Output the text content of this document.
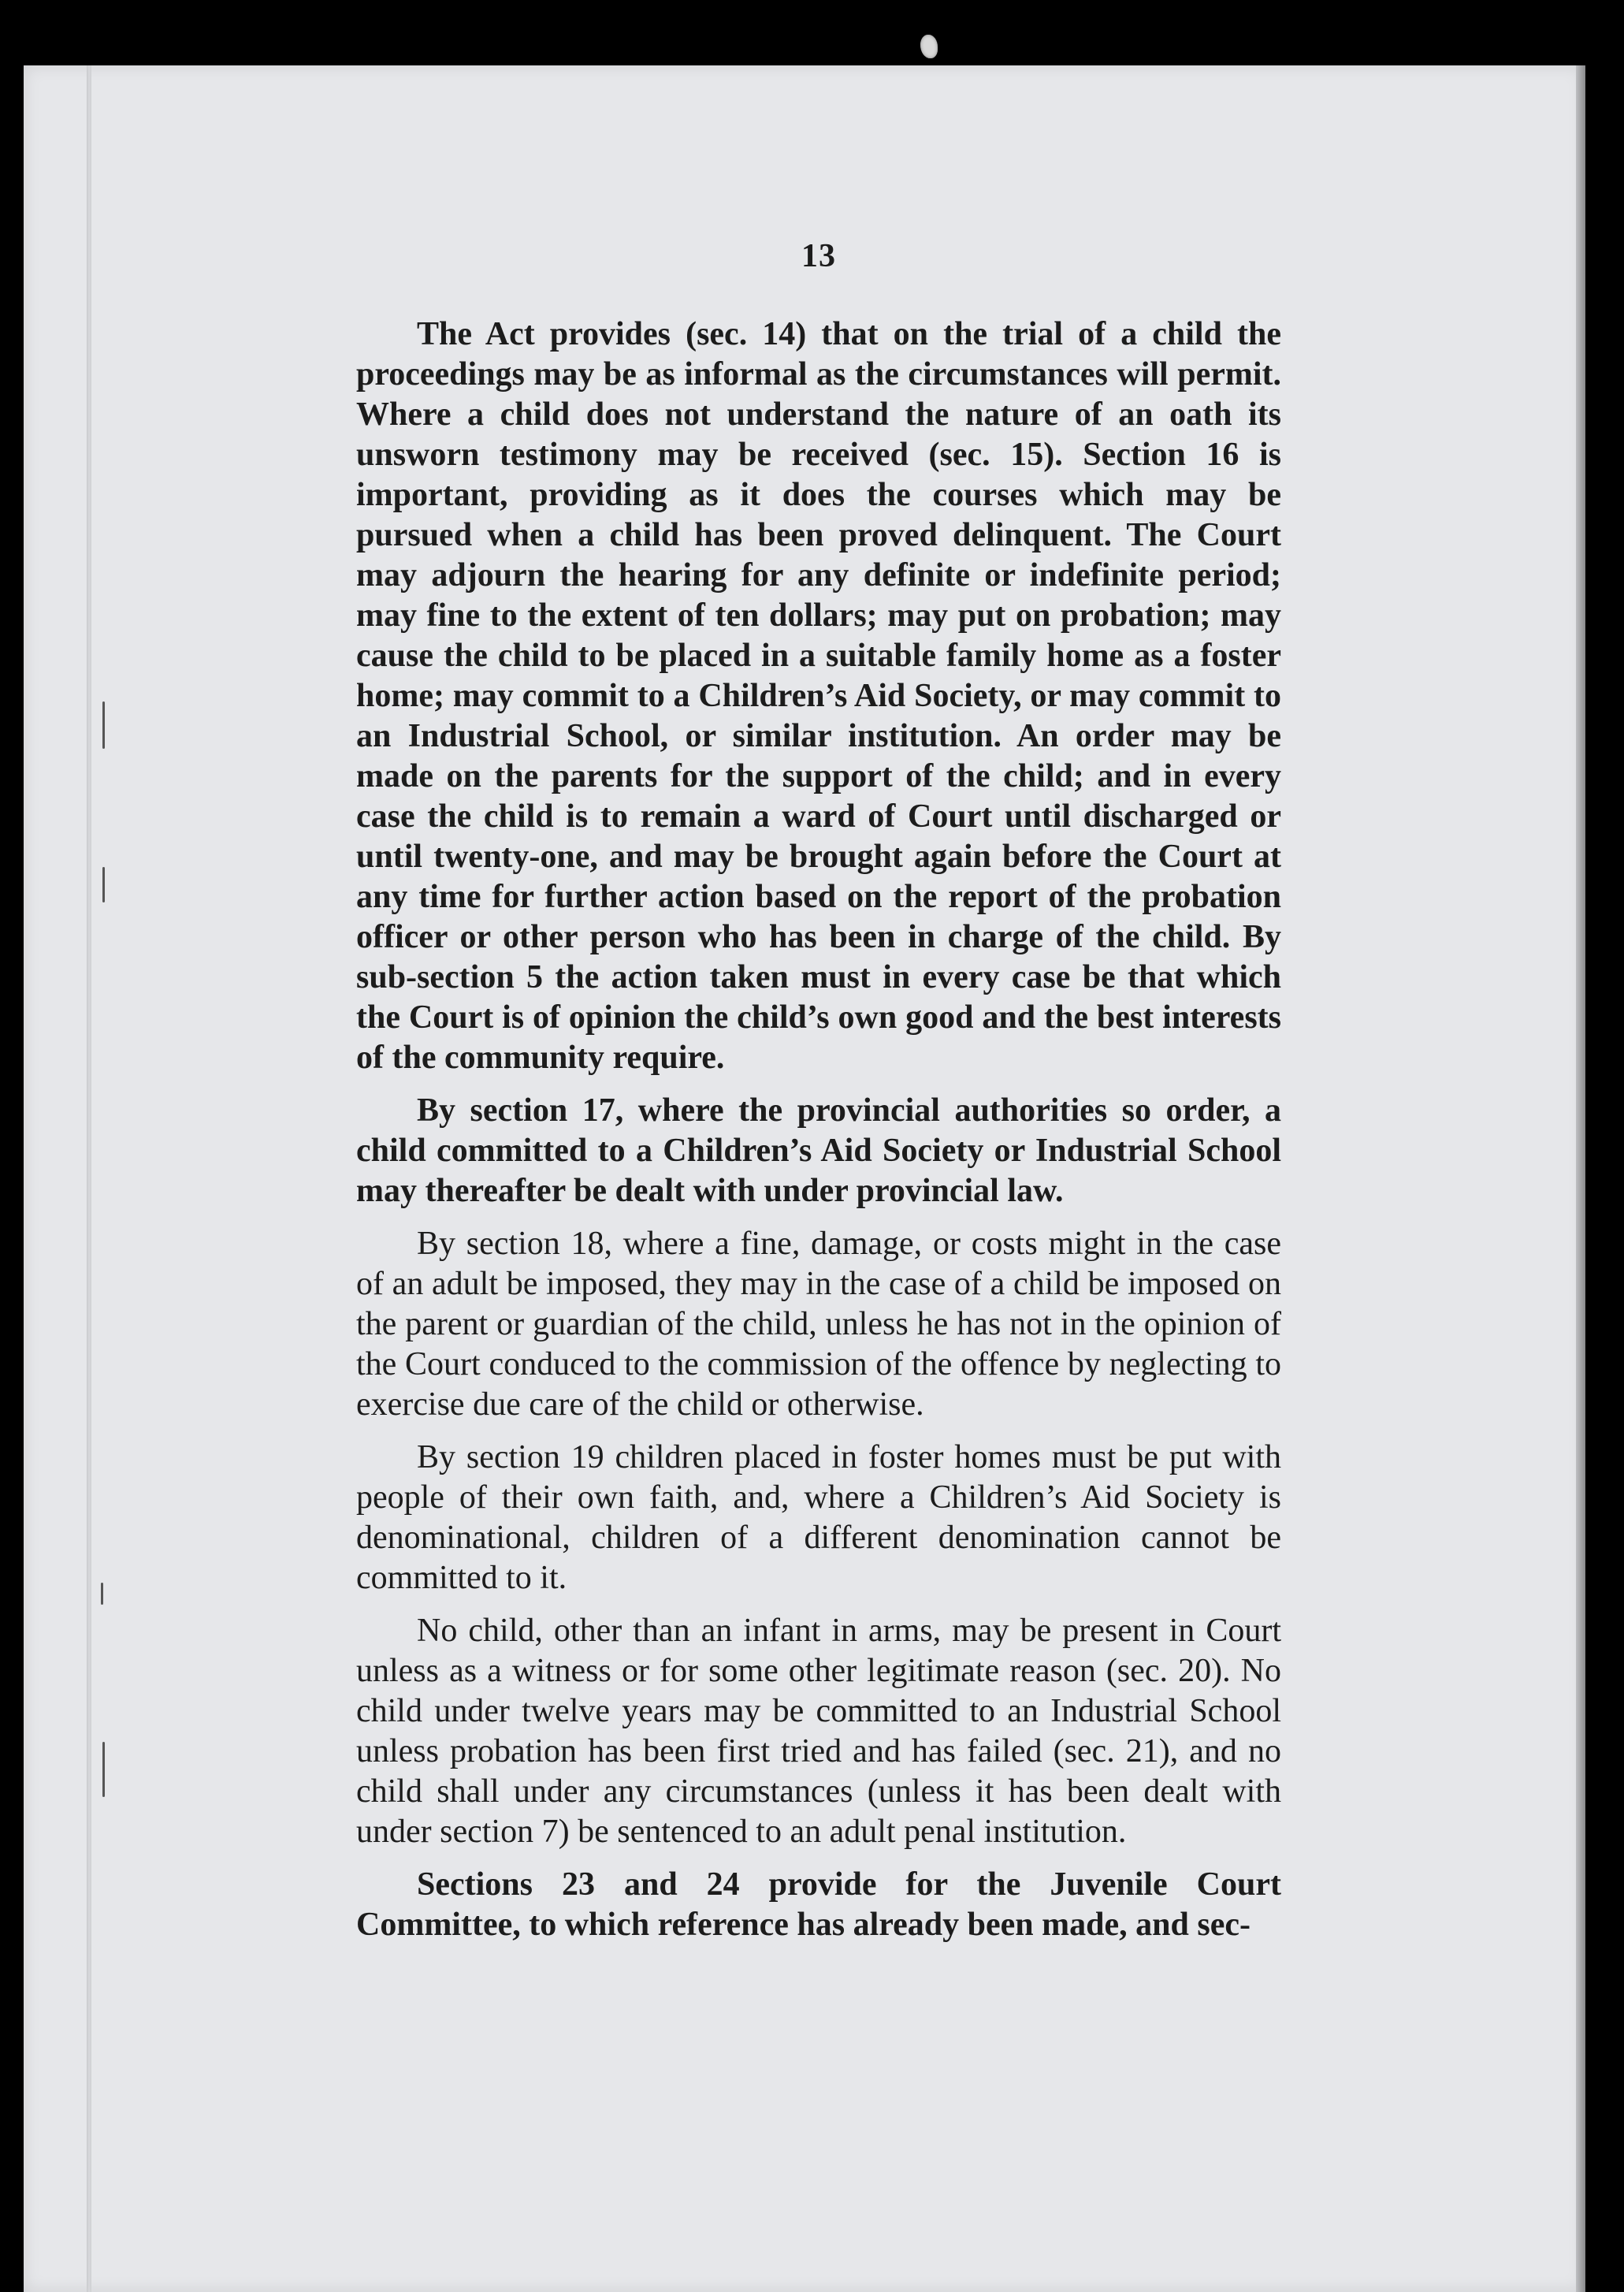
13

The Act provides (sec. 14) that on the trial of a child the proceedings may be as informal as the circumstances will permit. Where a child does not understand the nature of an oath its unsworn testimony may be received (sec. 15). Section 16 is important, providing as it does the courses which may be pursued when a child has been proved delinquent. The Court may adjourn the hearing for any definite or indefinite period; may fine to the extent of ten dollars; may put on probation; may cause the child to be placed in a suitable family home as a foster home; may commit to a Children’s Aid Society, or may commit to an Industrial School, or similar institution. An order may be made on the parents for the support of the child; and in every case the child is to remain a ward of Court until discharged or until twenty-one, and may be brought again before the Court at any time for further action based on the report of the probation officer or other person who has been in charge of the child. By sub-section 5 the action taken must in every case be that which the Court is of opinion the child’s own good and the best interests of the community require.

By section 17, where the provincial authorities so order, a child committed to a Children’s Aid Society or Industrial School may thereafter be dealt with under provincial law.

By section 18, where a fine, damage, or costs might in the case of an adult be imposed, they may in the case of a child be imposed on the parent or guardian of the child, unless he has not in the opinion of the Court conduced to the commission of the offence by neglecting to exercise due care of the child or otherwise.

By section 19 children placed in foster homes must be put with people of their own faith, and, where a Children’s Aid Society is denominational, children of a different denomination cannot be committed to it.

No child, other than an infant in arms, may be present in Court unless as a witness or for some other legitimate reason (sec. 20). No child under twelve years may be committed to an Industrial School unless probation has been first tried and has failed (sec. 21), and no child shall under any circumstances (unless it has been dealt with under section 7) be sentenced to an adult penal institution.

Sections 23 and 24 provide for the Juvenile Court Committee, to which reference has already been made, and sec-
